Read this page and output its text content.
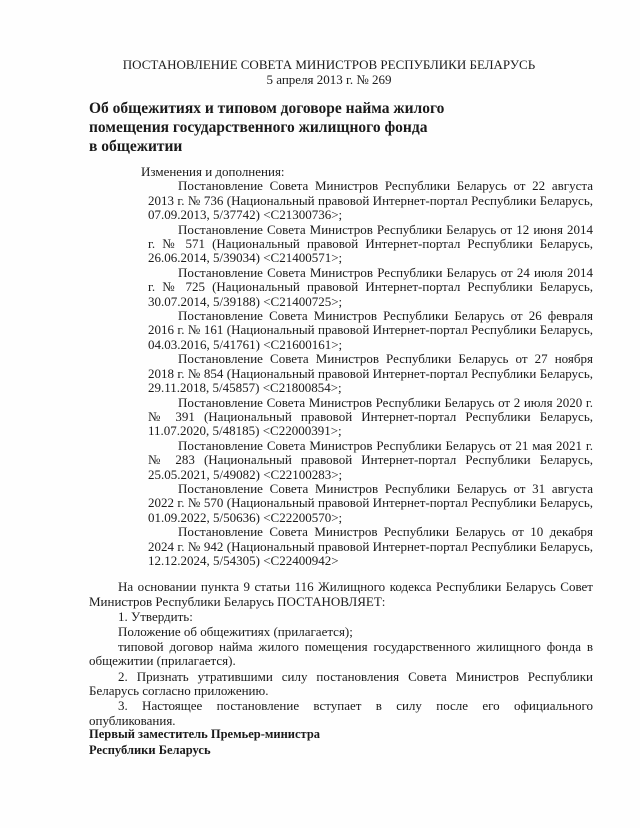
ПОСТАНОВЛЕНИЕ СОВЕТА МИНИСТРОВ РЕСПУБЛИКИ БЕЛАРУСЬ
5 апреля 2013 г. № 269
Об общежитиях и типовом договоре найма жилого
помещения государственного жилищного фонда
в общежитии
Изменения и дополнения:

Постановление Совета Министров Республики Беларусь от 22 августа 2013 г. № 736 (Национальный правовой Интернет-портал Республики Беларусь, 07.09.2013, 5/37742) <C21300736>;

Постановление Совета Министров Республики Беларусь от 12 июня 2014 г. № 571 (Национальный правовой Интернет-портал Республики Беларусь, 26.06.2014, 5/39034) <C21400571>;

Постановление Совета Министров Республики Беларусь от 24 июля 2014 г. № 725 (Национальный правовой Интернет-портал Республики Беларусь, 30.07.2014, 5/39188) <C21400725>;

Постановление Совета Министров Республики Беларусь от 26 февраля 2016 г. № 161 (Национальный правовой Интернет-портал Республики Беларусь, 04.03.2016, 5/41761) <C21600161>;

Постановление Совета Министров Республики Беларусь от 27 ноября 2018 г. № 854 (Национальный правовой Интернет-портал Республики Беларусь, 29.11.2018, 5/45857) <C21800854>;

Постановление Совета Министров Республики Беларусь от 2 июля 2020 г. № 391 (Национальный правовой Интернет-портал Республики Беларусь, 11.07.2020, 5/48185) <C22000391>;

Постановление Совета Министров Республики Беларусь от 21 мая 2021 г. № 283 (Национальный правовой Интернет-портал Республики Беларусь, 25.05.2021, 5/49082) <C22100283>;

Постановление Совета Министров Республики Беларусь от 31 августа 2022 г. № 570 (Национальный правовой Интернет-портал Республики Беларусь, 01.09.2022, 5/50636) <C22200570>;

Постановление Совета Министров Республики Беларусь от 10 декабря 2024 г. № 942 (Национальный правовой Интернет-портал Республики Беларусь, 12.12.2024, 5/54305) <C22400942>

На основании пункта 9 статьи 116 Жилищного кодекса Республики Беларусь Совет Министров Республики Беларусь ПОСТАНОВЛЯЕТ:

1. Утвердить:

Положение об общежитиях (прилагается);

типовой договор найма жилого помещения государственного жилищного фонда в общежитии (прилагается).

2. Признать утратившими силу постановления Совета Министров Республики Беларусь согласно приложению.

3. Настоящее постановление вступает в силу после его официального опубликования.

Первый заместитель Премьер-министра
Республики Беларусь
